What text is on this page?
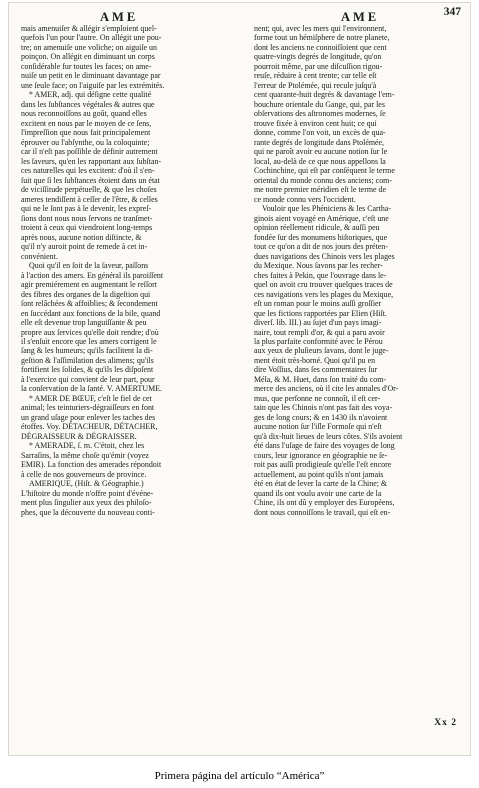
AME	AME	347

mais amenuiſer & allégir s'emploient quel-

quefois l'un pour l'autre. On allégit une pou-

tre; on amenuiſe une voliche; on aiguiſe un

poinçon. On allégit en diminuant un corps

conſidérable fur toutes les faces; on ame-

nuiſe un petit en le diminuant davantage par

une ſeule face; on l'aiguiſe par les extrémités.

* AMER, adj. qui déſigne cette qualité

dans les ſubſtances végétales & autres que

nous reconnoiſſons au goût, quand elles

excitent en nous par le moyen de ce ſens,

l'impreſſion que nous fait principalement

éprouver ou l'abſynthe, ou la coloquinte;

car il n'eſt pas poſſible de définir autrement

les ſaveurs, qu'en les rapportant aux ſubſtan-

ces naturelles qui les excitent: d'où il s'en-

ſuit que ſi les ſubſtances étoient dans un état

de viciſſitude perpétuelle, & que les choſes

ameres tendiſſent à ceſſer de l'être, & celles

qui ne le ſont pas à le devenir, les expreſ-

ſions dont nous nous ſervons ne tranſmet-

troient à ceux qui viendroient long-temps

après nous, aucune notion diſtincte, &

qu'il n'y auroit point de remede à cet in-

convénient.

Quoi qu'il en ſoit de la ſaveur, paſſons

à l'action des amers. En général ils paroiſſent

agir premiérement en augmentant le reſſort

des fibres des organes de la digeſtion qui

ſont relâchées & affoiblies; & ſecondement

en ſuccédant aux fonctions de la bile, quand

elle eſt devenue trop languiſſante & peu

propre aux ſervices qu'elle doit rendre; d'où

il s'enſuit encore que les amers corrigent le

ſang & les humeurs; qu'ils facilitent la di-

geſtion & l'aſſimilation des alimens; qu'ils

fortifient les ſolides, & qu'ils les diſpoſent

à l'exercice qui convient de leur part, pour

la conſervation de la ſanté. V. AMERTUME.

* AMER DE BŒUF, c'eſt le fiel de cet

animal; les teinturiers-dégraiſſeurs en font

un grand uſage pour enlever les taches des

étoffes. Voy. DÉTACHEUR, DÉTACHER,

DÉGRAISSEUR & DÉGRAISSER.

* AMERADE, ſ. m. C'étoit, chez les

Sarraſins, la même choſe qu'émir (voyez

EMIR). La fonction des amerades répondoit

à celle de nos gouverneurs de province.

AMERIQUE, (Hiſt. & Géographie.)

L'hiſtoire du monde n'offre point d'événe-

ment plus ſingulier aux yeux des philoſo-

phes, que la découverte du nouveau conti-

nent; qui, avec les mers qui l'environnent,

forme tout un hémiſphere de notre planete,

dont les anciens ne connoiſſoient que cent

quatre-vingts degrés de longitude, qu'on

pourroit même, par une diſcuſſion rigou-

reuſe, réduire à cent trente; car telle eſt

l'erreur de Ptolémée, qui recule juſqu'à

cent quarante-huit degrés & davantage l'em-

bouchure orientale du Gange, qui, par les

obſervations des aſtronomes modernes, ſe

trouve fixée à environ cent huit; ce qui

donne, comme l'on voit, un excès de qua-

rante degrés de longitude dans Ptolémée,

qui ne paroît avoir eu aucune notion ſur le

local, au-delà de ce que nous appellons la

Cochinchine, qui eſt par conſéquent le terme

oriental du monde connu des anciens; com-

me notre premier méridien eſt le terme de

ce monde connu vers l'occident.

Vouloir que les Phéniciens & les Cartha-

ginois aient voyagé en Amérique, c'eſt une

opinion réellement ridicule, & auſſi peu

fondée ſur des monumens hiſtoriques, que

tout ce qu'on a dit de nos jours des préten-

dues navigations des Chinois vers les plages

du Mexique. Nous ſavons par les recher-

ches faites à Pekin, que l'ouvrage dans le-

quel on avoit cru trouver quelques traces de

ces navigations vers les plages du Mexique,

eſt un roman pour le moins auſſi groſſier

que les fictions rapportées par Elien (Hiſt.

diverſ. lib. III.) au ſujet d'un pays imagi-

naire, tout rempli d'or, & qui a paru avoir

la plus parfaite conformité avec le Pérou

aux yeux de pluſieurs ſavans, dont le juge-

ment étoit très-borné. Quoi qu'il pu en

dire Voſſius, dans ſes commentaires ſur

Méla, & M. Huet, dans ſon traité du com-

merce des anciens, où il cite les annales d'Or-

mus, que perſonne ne connoît, il eſt cer-

tain que les Chinois n'ont pas fait des voya-

ges de long cours; & en 1430 ils n'avoient

aucune notion ſur l'iſle Formoſe qui n'eſt

qu'à dix-huit lieues de leurs côtes. S'ils avoient

été dans l'uſage de faire des voyages de long

cours, leur ignorance en géographie ne ſe-

roit pas auſſi prodigieuſe qu'elle l'eſt encore

actuellement, au point qu'ils n'ont jamais

été en état de lever la carte de la Chine; &

quand ils ont voulu avoir une carte de la

Chine, ils ont dû y employer des Européens,

dont nous connoiſſons le travail, qui eſt en-

Xx 2
Primera página del artículo “América”
